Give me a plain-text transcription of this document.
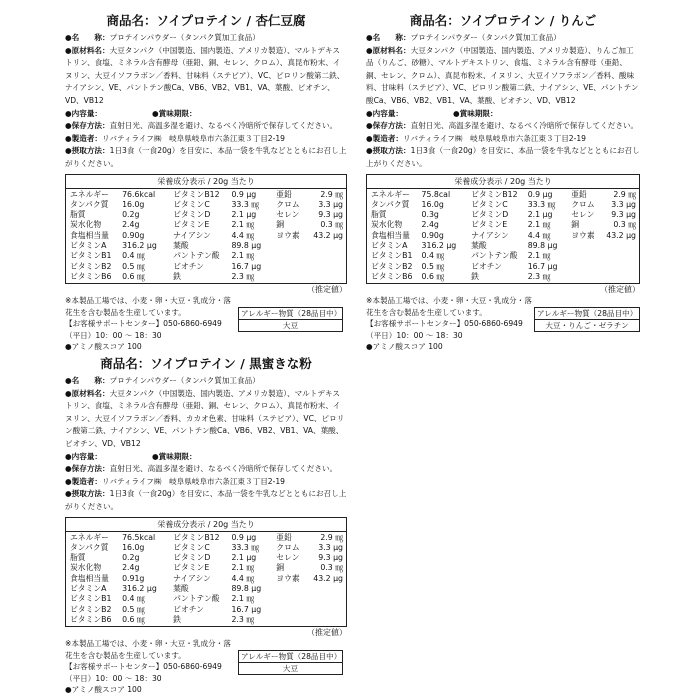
商品名：ソイプロテイン / 杏仁豆腐
●名　　称：プロテインパウダー（タンパク質加工食品）
●原材料名：大豆タンパク（中国製造、国内製造、アメリカ製造）、マルトデキストリン、食塩、ミネラル含有酵母（亜鉛、銅、セレン、クロム）、真昆布粉末、イヌリン、大豆イソフラボン／香料、甘味料（ステビア）、VC、ピロリン酸第二鉄、ナイアシン、VE、パントテン酸Ca、VB6、VB2、VB1、VA、葉酸、ビオチン、VD、VB12
●内容量：	●賞味期限：
●保存方法：直射日光、高温多湿を避け、なるべく冷暗所で保存してください。
●製造者：リバティライフ㈱　岐阜県岐阜市六条江東３丁目2-19
●摂取方法：1日3食（一食20g）を目安に、本品一袋を牛乳などとともにお召し上がりください。
栄養成分表示 / 20g 当たり
エネルギー	76.6kcal	ビタミンB12	0.9 μg	亜鉛	2.9 ㎎
タンパク質	16.0g	ビタミンC	33.3 ㎎	クロム	3.3 μg
脂質	0.2g	ビタミンD	2.1 μg	セレン	9.3 μg
炭水化物	2.4g	ビタミンE	2.1 ㎎	銅	0.3 ㎎
食塩相当量	0.90g	ナイアシン	4.4 ㎎	ヨウ素	43.2 μg
ビタミンA	316.2 μg	葉酸	89.8 μg		
ビタミンB1	0.4 ㎎	パントテン酸	2.1 ㎎		
ビタミンB2	0.5 ㎎	ビオチン	16.7 μg		
ビタミンB6	0.6 ㎎	鉄	2.3 ㎎		
（推定値）
※本製品工場では、小麦・卵・大豆・乳成分・落花生を含む製品を生産しています。
【お客様サポートセンター】050-6860-6949
（平日）10：00 〜 18：30
●アミノ酸スコア 100
アレルギー物質（28品目中）
大豆
商品名：ソイプロテイン / りんご
●名　　称：プロテインパウダー（タンパク質加工食品）
●原材料名：大豆タンパク（中国製造、国内製造、アメリカ製造）、りんご加工品（りんご、砂糖）、マルトデキストリン、食塩、ミネラル含有酵母（亜鉛、銅、セレン、クロム）、真昆布粉末、イヌリン、大豆イソフラボン／香料、酸味料、甘味料（ステビア）、VC、ピロリン酸第二鉄、ナイアシン、VE、パントテン酸Ca、VB6、VB2、VB1、VA、葉酸、ビオチン、VD、VB12
●内容量：	●賞味期限：
●保存方法：直射日光、高温多湿を避け、なるべく冷暗所で保存してください。
●製造者：リバティライフ㈱　岐阜県岐阜市六条江東３丁目2-19
●摂取方法：1日3食（一食20g）を目安に、本品一袋を牛乳などとともにお召し上がりください。
栄養成分表示 / 20g 当たり
エネルギー	75.8cal	ビタミンB12	0.9 μg	亜鉛	2.9 ㎎
タンパク質	16.0g	ビタミンC	33.3 ㎎	クロム	3.3 μg
脂質	0.3g	ビタミンD	2.1 μg	セレン	9.3 μg
炭水化物	2.4g	ビタミンE	2.1 ㎎	銅	0.3 ㎎
食塩相当量	0.90g	ナイアシン	4.4 ㎎	ヨウ素	43.2 μg
ビタミンA	316.2 μg	葉酸	89.8 μg		
ビタミンB1	0.4 ㎎	パントテン酸	2.1 ㎎		
ビタミンB2	0.5 ㎎	ビオチン	16.7 μg		
ビタミンB6	0.6 ㎎	鉄	2.3 ㎎		
（推定値）
※本製品工場では、小麦・卵・大豆・乳成分・落花生を含む製品を生産しています。
【お客様サポートセンター】050-6860-6949
（平日）10：00 〜 18：30
●アミノ酸スコア 100
アレルギー物質（28品目中）
大豆・りんご・ゼラチン
商品名：ソイプロテイン / 黒蜜きな粉
●名　　称：プロテインパウダー（タンパク質加工食品）
●原材料名：大豆タンパク（中国製造、国内製造、アメリカ製造）、マルトデキストリン、食塩、ミネラル含有酵母（亜鉛、銅、セレン、クロム）、真昆布粉末、イヌリン、大豆イソフラボン／香料、カカオ色素、甘味料（ステビア）、VC、ピロリン酸第二鉄、ナイアシン、VE、パントテン酸Ca、VB6、VB2、VB1、VA、葉酸、ビオチン、VD、VB12
●内容量：	●賞味期限：
●保存方法：直射日光、高温多湿を避け、なるべく冷暗所で保存してください。
●製造者：リバティライフ㈱　岐阜県岐阜市六条江東３丁目2-19
●摂取方法：1日3食（一食20g）を目安に、本品一袋を牛乳などとともにお召し上がりください。
栄養成分表示 / 20g 当たり
エネルギー	76.5kcal	ビタミンB12	0.9 μg	亜鉛	2.9 ㎎
タンパク質	16.0g	ビタミンC	33.3 ㎎	クロム	3.3 μg
脂質	0.2g	ビタミンD	2.1 μg	セレン	9.3 μg
炭水化物	2.4g	ビタミンE	2.1 ㎎	銅	0.3 ㎎
食塩相当量	0.91g	ナイアシン	4.4 ㎎	ヨウ素	43.2 μg
ビタミンA	316.2 μg	葉酸	89.8 μg		
ビタミンB1	0.4 ㎎	パントテン酸	2.1 ㎎		
ビタミンB2	0.5 ㎎	ビオチン	16.7 μg		
ビタミンB6	0.6 ㎎	鉄	2.3 ㎎		
（推定値）
※本製品工場では、小麦・卵・大豆・乳成分・落花生を含む製品を生産しています。
【お客様サポートセンター】050-6860-6949
（平日）10：00 〜 18：30
●アミノ酸スコア 100
アレルギー物質（28品目中）
大豆
